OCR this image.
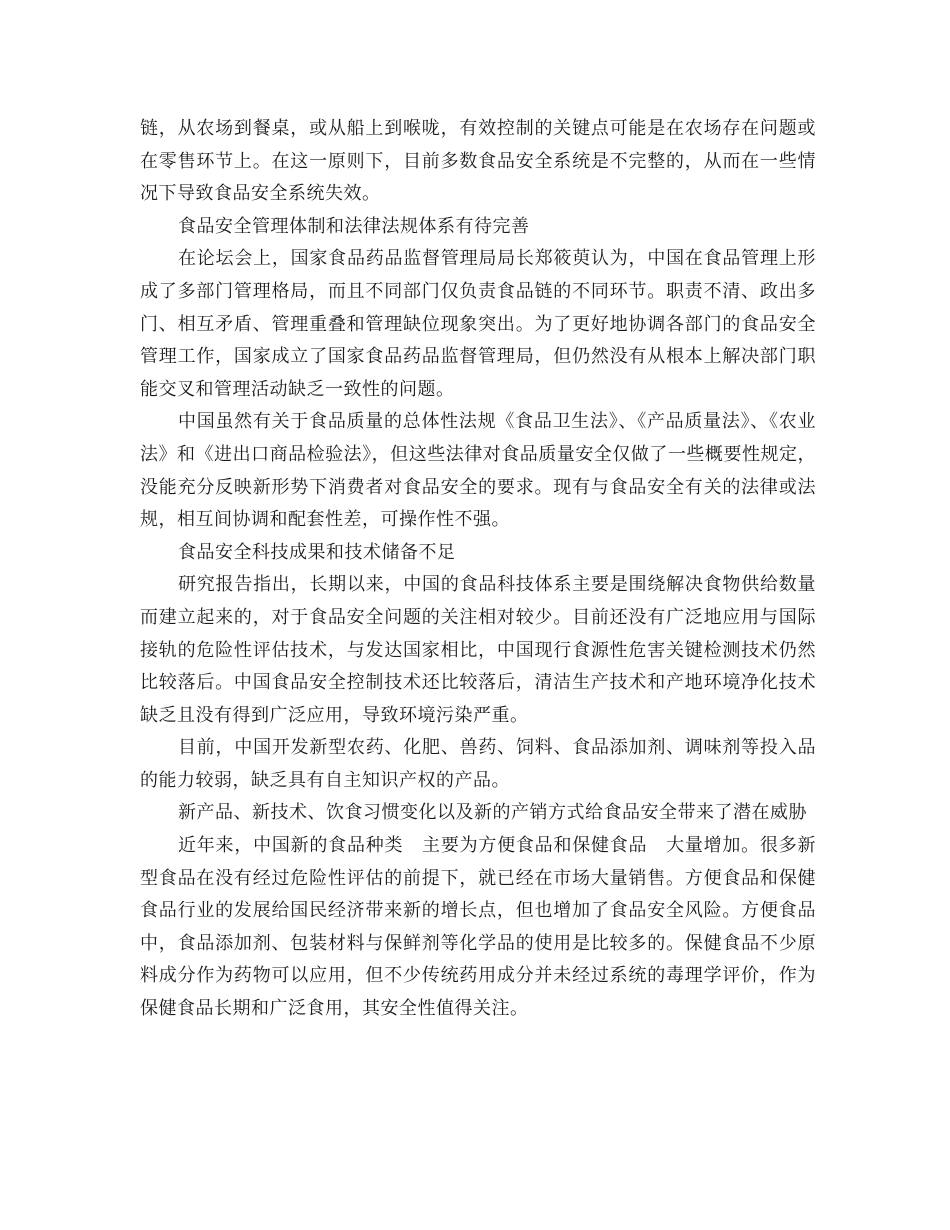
链，从农场到餐桌，或从船上到喉咙，有效控制的关键点可能是在农场存在问题或在零售环节上。在这一原则下，目前多数食品安全系统是不完整的，从而在一些情况下导致食品安全系统失效。

食品安全管理体制和法律法规体系有待完善

在论坛会上，国家食品药品监督管理局局长郑筱萸认为，中国在食品管理上形成了多部门管理格局，而且不同部门仅负责食品链的不同环节。职责不清、政出多门、相互矛盾、管理重叠和管理缺位现象突出。为了更好地协调各部门的食品安全管理工作，国家成立了国家食品药品监督管理局，但仍然没有从根本上解决部门职能交叉和管理活动缺乏一致性的问题。

中国虽然有关于食品质量的总体性法规《食品卫生法》、《产品质量法》、《农业法》和《进出口商品检验法》，但这些法律对食品质量安全仅做了一些概要性规定，没能充分反映新形势下消费者对食品安全的要求。现有与食品安全有关的法律或法规，相互间协调和配套性差，可操作性不强。

食品安全科技成果和技术储备不足

研究报告指出，长期以来，中国的食品科技体系主要是围绕解决食物供给数量而建立起来的，对于食品安全问题的关注相对较少。目前还没有广泛地应用与国际接轨的危险性评估技术，与发达国家相比，中国现行食源性危害关键检测技术仍然比较落后。中国食品安全控制技术还比较落后，清洁生产技术和产地环境净化技术缺乏且没有得到广泛应用，导致环境污染严重。

目前，中国开发新型农药、化肥、兽药、饲料、食品添加剂、调味剂等投入品的能力较弱，缺乏具有自主知识产权的产品。

新产品、新技术、饮食习惯变化以及新的产销方式给食品安全带来了潜在威胁

近年来，中国新的食品种类　主要为方便食品和保健食品　大量增加。很多新型食品在没有经过危险性评估的前提下，就已经在市场大量销售。方便食品和保健食品行业的发展给国民经济带来新的增长点，但也增加了食品安全风险。方便食品中，食品添加剂、包装材料与保鲜剂等化学品的使用是比较多的。保健食品不少原料成分作为药物可以应用，但不少传统药用成分并未经过系统的毒理学评价，作为保健食品长期和广泛食用，其安全性值得关注。
